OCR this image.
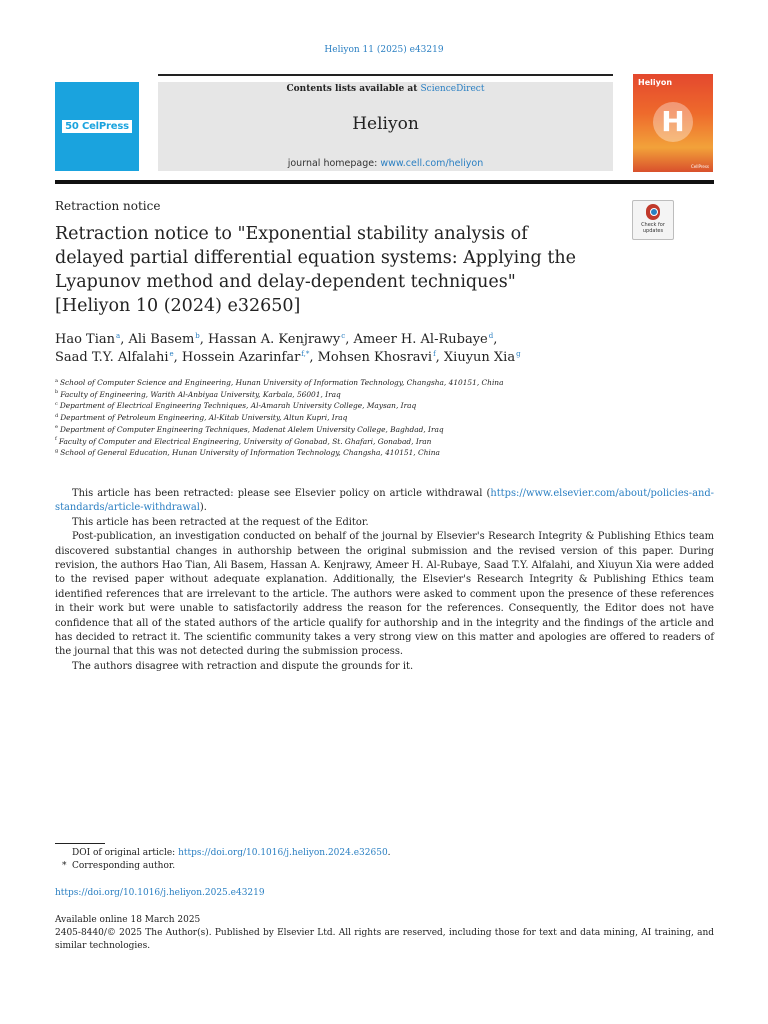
Heliyon 11 (2025) e43219
50 CelPress
Contents lists available at ScienceDirect
Heliyon
journal homepage: www.cell.com/heliyon
Heliyon
H
CellPress
Retraction notice
Check for updates
Retraction notice to "Exponential stability analysis of delayed partial differential equation systems: Applying the Lyapunov method and delay-dependent techniques" [Heliyon 10 (2024) e32650]
Hao Tian$^a$, Ali Basem$^b$, Hassan A. Kenjrawy$^c$, Ameer H. Al-Rubaye$^d$,
Saad T.Y. Alfalahi$^e$, Hossein Azarinfar$^{f,*}$, Mohsen Khosravi$^f$, Xiuyun Xia$^g$
$^a$ School of Computer Science and Engineering, Hunan University of Information Technology, Changsha, 410151, China
$^b$ Faculty of Engineering, Warith Al-Anbiyaa University, Karbala, 56001, Iraq
$^c$ Department of Electrical Engineering Techniques, Al-Amarah University College, Maysan, Iraq
$^d$ Department of Petroleum Engineering, Al-Kitab University, Altun Kupri, Iraq
$^e$ Department of Computer Engineering Techniques, Madenat Alelem University College, Baghdad, Iraq
$^f$ Faculty of Computer and Electrical Engineering, University of Gonabad, St. Ghafari, Gonabad, Iran
$^g$ School of General Education, Hunan University of Information Technology, Changsha, 410151, China

This article has been retracted: please see Elsevier policy on article withdrawal (https://www.elsevier.com/about/policies-and-standards/article-withdrawal).

This article has been retracted at the request of the Editor.

Post-publication, an investigation conducted on behalf of the journal by Elsevier's Research Integrity & Publishing Ethics team discovered substantial changes in authorship between the original submission and the revised version of this paper. During revision, the authors Hao Tian, Ali Basem, Hassan A. Kenjrawy, Ameer H. Al-Rubaye, Saad T.Y. Alfalahi, and Xiuyun Xia were added to the revised paper without adequate explanation. Additionally, the Elsevier's Research Integrity & Publishing Ethics team identified references that are irrelevant to the article. The authors were asked to comment upon the presence of these references in their work but were unable to satisfactorily address the reason for the references. Consequently, the Editor does not have confidence that all of the stated authors of the article qualify for authorship and in the integrity and the findings of the article and has decided to retract it. The scientific community takes a very strong view on this matter and apologies are offered to readers of the journal that this was not detected during the submission process.

The authors disagree with retraction and dispute the grounds for it.

DOI of original article: https://doi.org/10.1016/j.heliyon.2024.e32650.
* Corresponding author.
https://doi.org/10.1016/j.heliyon.2025.e43219
Available online 18 March 2025
2405-8440/© 2025 The Author(s). Published by Elsevier Ltd. All rights are reserved, including those for text and data mining, AI training, and similar technologies.
